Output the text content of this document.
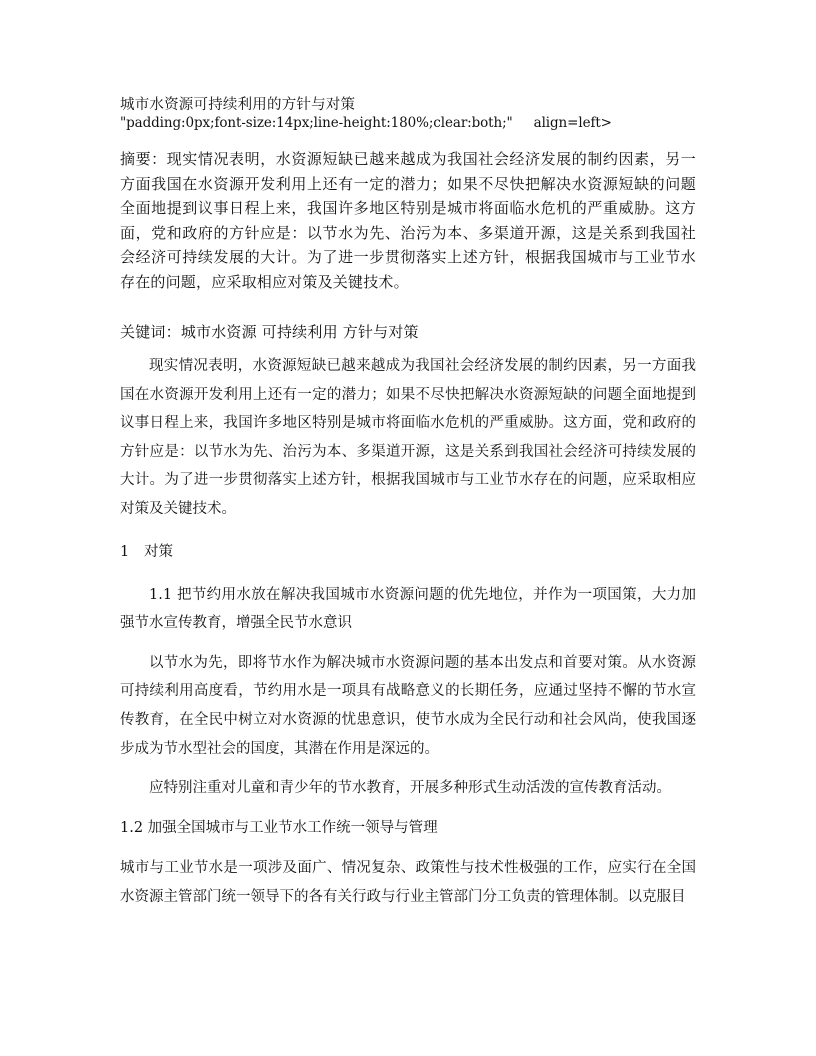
城市水资源可持续利用的方针与对策

"padding:0px;font-size:14px;line-height:180%;clear:both;"     align=left>

摘要：现实情况表明，水资源短缺已越来越成为我国社会经济发展的制约因素，另一方面我国在水资源开发利用上还有一定的潜力；如果不尽快把解决水资源短缺的问题全面地提到议事日程上来，我国许多地区特别是城市将面临水危机的严重威胁。这方面，党和政府的方针应是：以节水为先、治污为本、多渠道开源，这是关系到我国社会经济可持续发展的大计。为了进一步贯彻落实上述方针，根据我国城市与工业节水存在的问题，应采取相应对策及关键技术。
关键词：城市水资源 可持续利用 方针与对策
现实情况表明，水资源短缺已越来越成为我国社会经济发展的制约因素，另一方面我国在水资源开发利用上还有一定的潜力；如果不尽快把解决水资源短缺的问题全面地提到议事日程上来，我国许多地区特别是城市将面临水危机的严重威胁。这方面，党和政府的方针应是：以节水为先、治污为本、多渠道开源，这是关系到我国社会经济可持续发展的大计。为了进一步贯彻落实上述方针，根据我国城市与工业节水存在的问题，应采取相应对策及关键技术。
1 对策
1.1 把节约用水放在解决我国城市水资源问题的优先地位，并作为一项国策，大力加强节水宣传教育，增强全民节水意识
以节水为先，即将节水作为解决城市水资源问题的基本出发点和首要对策。从水资源可持续利用高度看，节约用水是一项具有战略意义的长期任务，应通过坚持不懈的节水宣传教育，在全民中树立对水资源的忧患意识，使节水成为全民行动和社会风尚，使我国逐步成为节水型社会的国度，其潜在作用是深远的。
应特别注重对儿童和青少年的节水教育，开展多种形式生动活泼的宣传教育活动。
1.2 加强全国城市与工业节水工作统一领导与管理
城市与工业节水是一项涉及面广、情况复杂、政策性与技术性极强的工作，应实行在全国水资源主管部门统一领导下的各有关行政与行业主管部门分工负责的管理体制。以克服目
